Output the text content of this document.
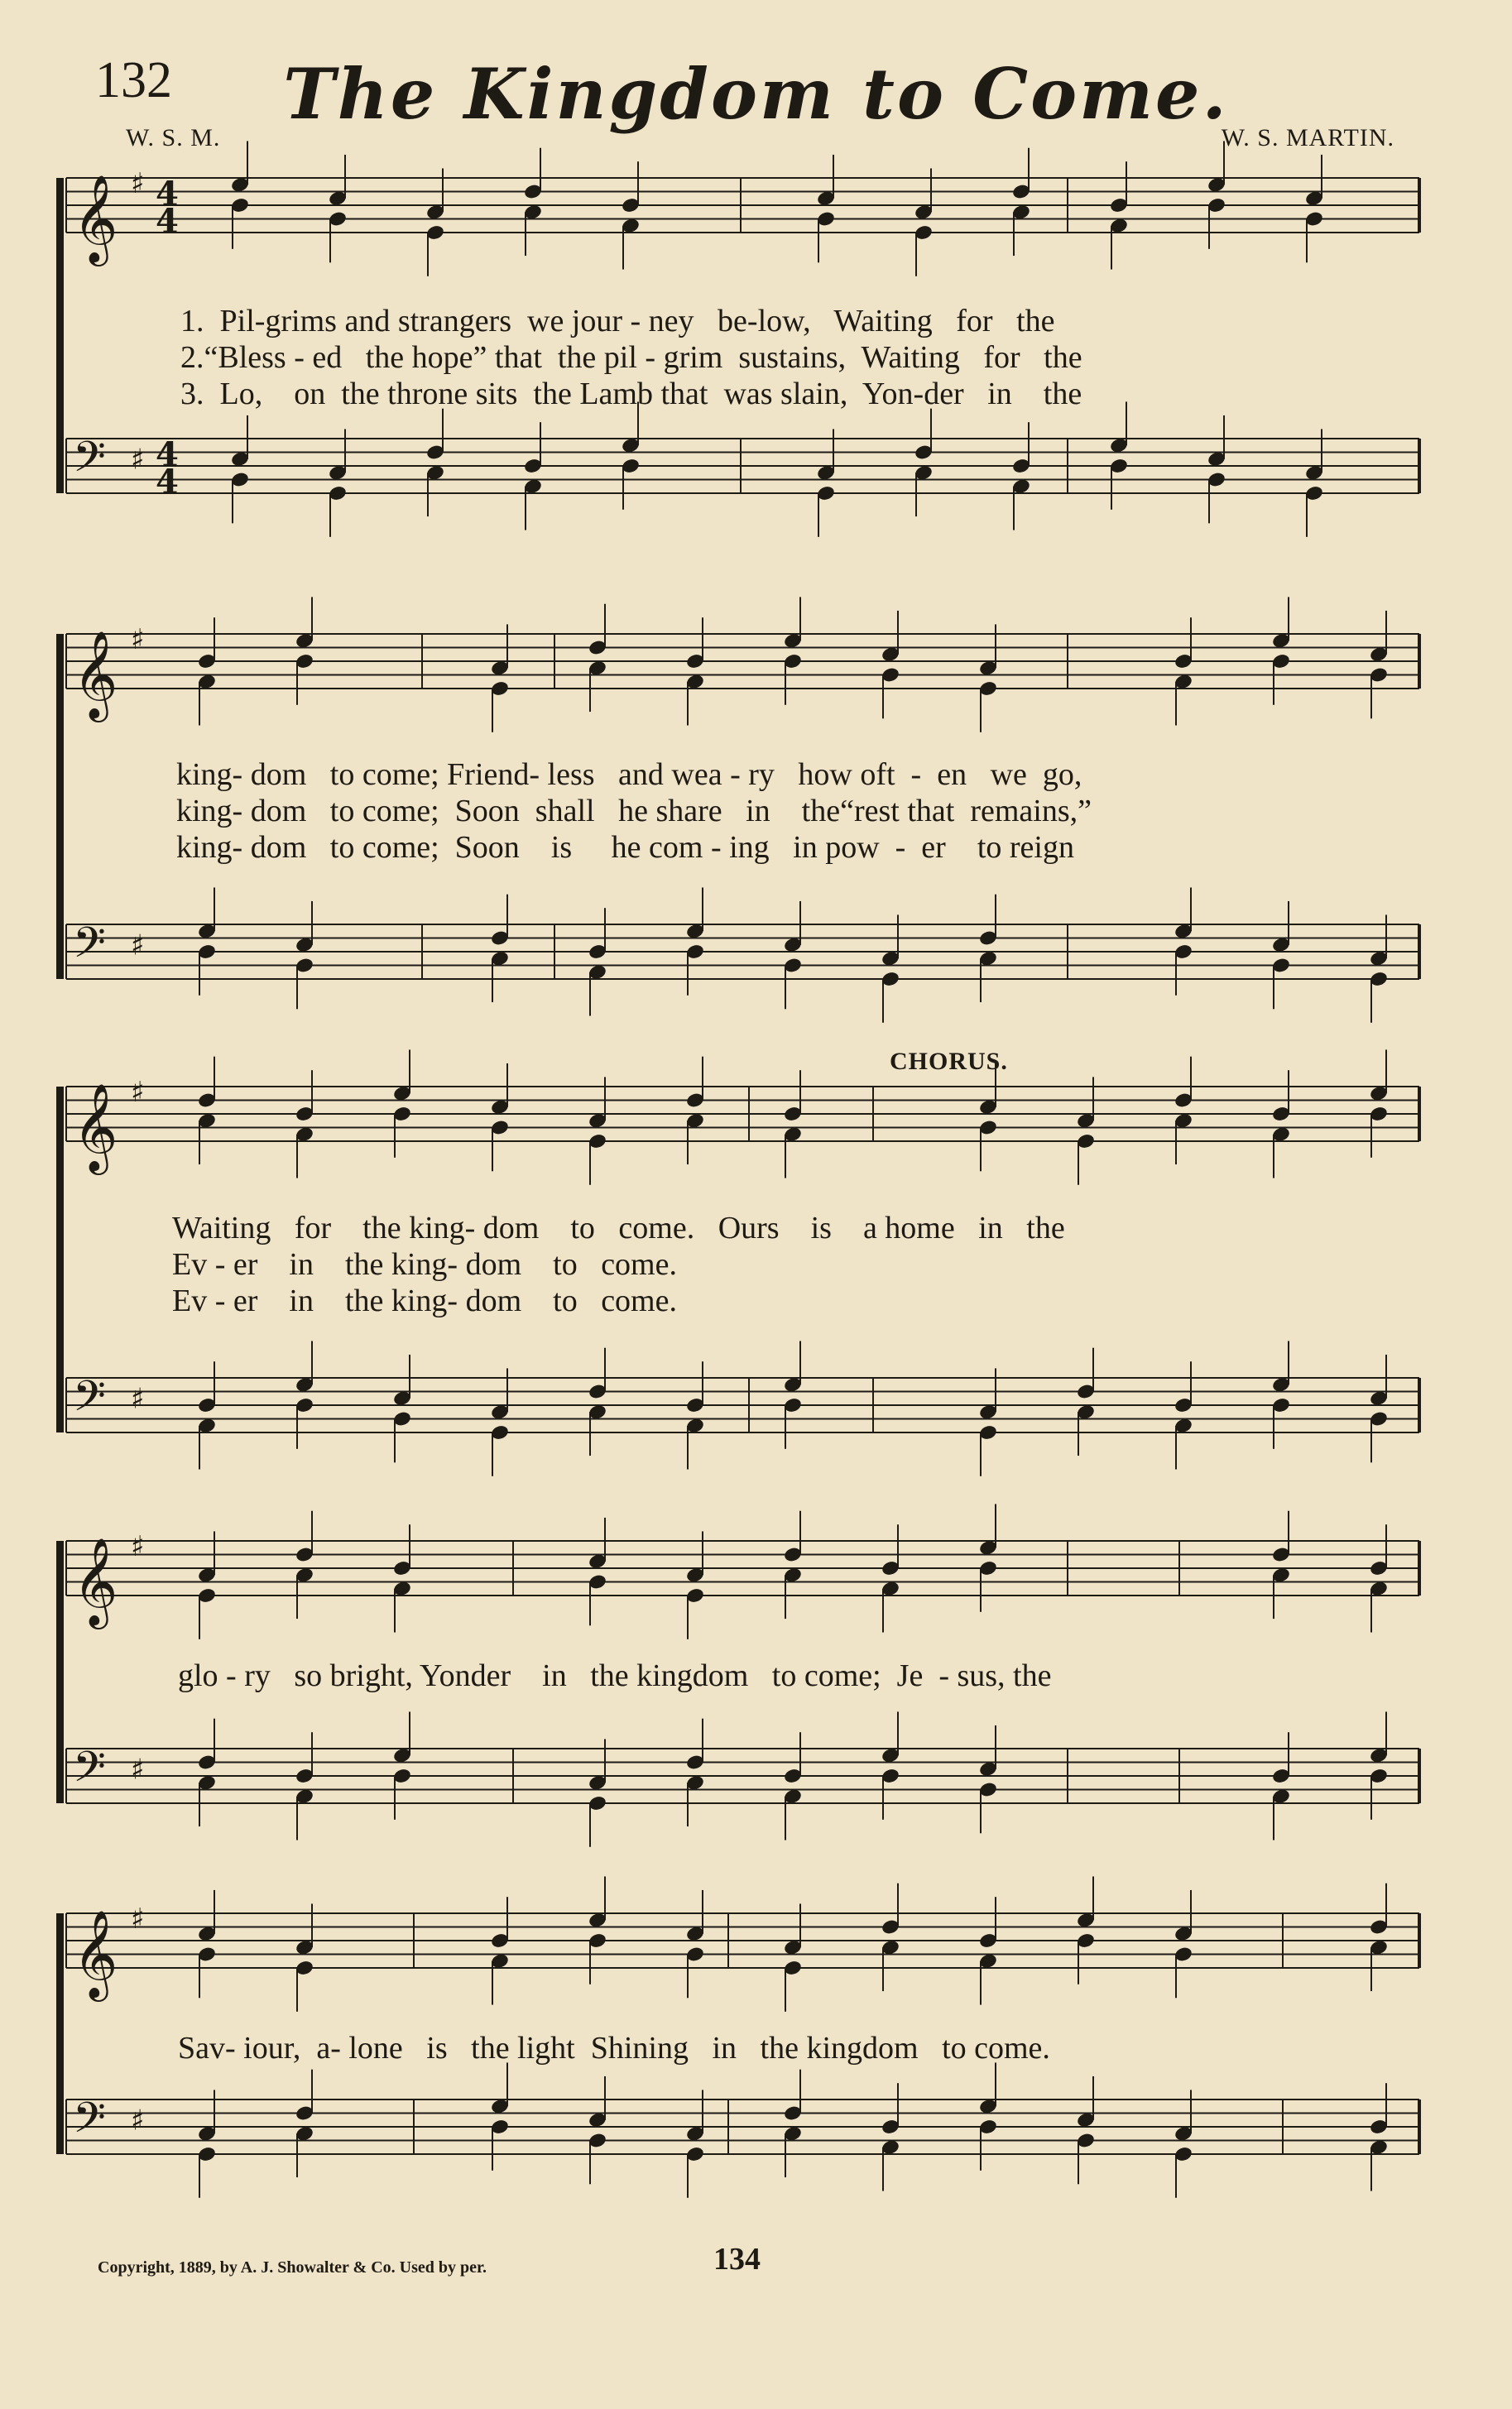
132	The Kingdom to Come.
W. S. M.	W. S. MARTIN.
𝄞 ♯ 4
4
𝄢 ♯ 4
4
𝄞 ♯
𝄢 ♯
𝄞 ♯
𝄢 ♯
𝄞 ♯
𝄢 ♯
𝄞 ♯
𝄢 ♯
1.  Pil-grims and strangers  we jour - ney   be-low,   Waiting   for   the
2.“Bless - ed   the hope” that  the pil - grim  sustains,  Waiting   for   the
3.  Lo,    on  the throne sits  the Lamb that  was slain,  Yon-der   in    the
king- dom   to come; Friend- less   and wea - ry   how oft  -  en   we  go,
king- dom   to come;  Soon  shall   he share   in    the“rest that  remains,”
king- dom   to come;  Soon    is     he com - ing   in pow  -  er    to reign
CHORUS.
Waiting   for    the king- dom    to   come.   Ours    is    a home   in   the
Ev - er    in    the king- dom    to   come.
Ev - er    in    the king- dom    to   come.
glo - ry   so bright, Yonder    in   the kingdom   to come;  Je  - sus, the
Sav- iour,  a- lone   is   the light  Shining   in   the kingdom   to come.
Copyright, 1889, by A. J. Showalter & Co. Used by per.	134
